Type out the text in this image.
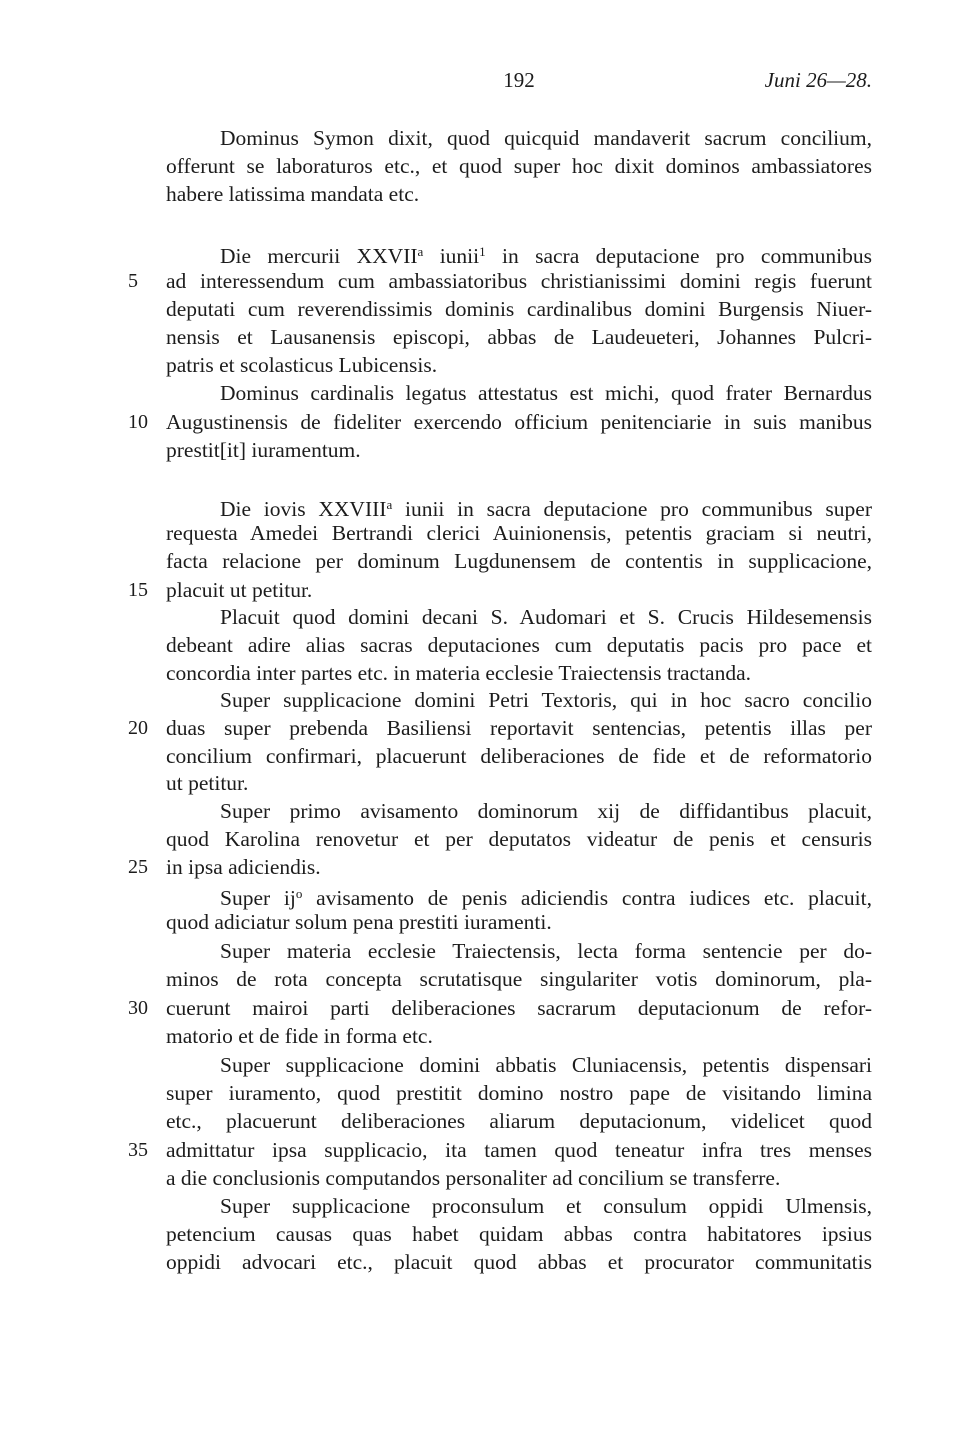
192	Juni 26—28.
Dominus Symon dixit, quod quicquid mandaverit sacrum concilium,
offerunt se laboraturos etc., et quod super hoc dixit dominos ambassiatores
habere latissima mandata etc.
Die mercurii XXVII$^a$ iunii$^1$ in sacra deputacione pro communibus
ad interessendum cum ambassiatoribus christianissimi domini regis fuerunt
5
deputati cum reverendissimis dominis cardinalibus domini Burgensis Niuer-
nensis et Lausanensis episcopi, abbas de Laudeueteri, Johannes Pulcri-
patris et scolasticus Lubicensis.
Dominus cardinalis legatus attestatus est michi, quod frater Bernardus
Augustinensis de fideliter exercendo officium penitenciarie in suis manibus
10
prestit[it] iuramentum.
Die iovis XXVIII$^a$ iunii in sacra deputacione pro communibus super
requesta Amedei Bertrandi clerici Auinionensis, petentis graciam si neutri,
facta relacione per dominum Lugdunensem de contentis in supplicacione,
placuit ut petitur.
15
Placuit quod domini decani S. Audomari et S. Crucis Hildesemensis
debeant adire alias sacras deputaciones cum deputatis pacis pro pace et
concordia inter partes etc. in materia ecclesie Traiectensis tractanda.
Super supplicacione domini Petri Textoris, qui in hoc sacro concilio
duas super prebenda Basiliensi reportavit sentencias, petentis illas per
20
concilium confirmari, placuerunt deliberaciones de fide et de reformatorio
ut petitur.
Super primo avisamento dominorum xij de diffidantibus placuit,
quod Karolina renovetur et per deputatos videatur de penis et censuris
in ipsa adiciendis.
25
Super $ij^o$ avisamento de penis adiciendis contra iudices etc. placuit,
quod adiciatur solum pena prestiti iuramenti.
Super materia ecclesie Traiectensis, lecta forma sentencie per do-
minos de rota concepta scrutatisque singulariter votis dominorum, pla-
cuerunt mairoi parti deliberaciones sacrarum deputacionum de refor-
30
matorio et de fide in forma etc.
Super supplicacione domini abbatis Cluniacensis, petentis dispensari
super iuramento, quod prestitit domino nostro pape de visitando limina
etc., placuerunt deliberaciones aliarum deputacionum, videlicet quod
admittatur ipsa supplicacio, ita tamen quod teneatur infra tres menses
35
a die conclusionis computandos personaliter ad concilium se transferre.
Super supplicacione proconsulum et consulum oppidi Ulmensis,
petencium causas quas habet quidam abbas contra habitatores ipsius
oppidi advocari etc., placuit quod abbas et procurator communitatis
